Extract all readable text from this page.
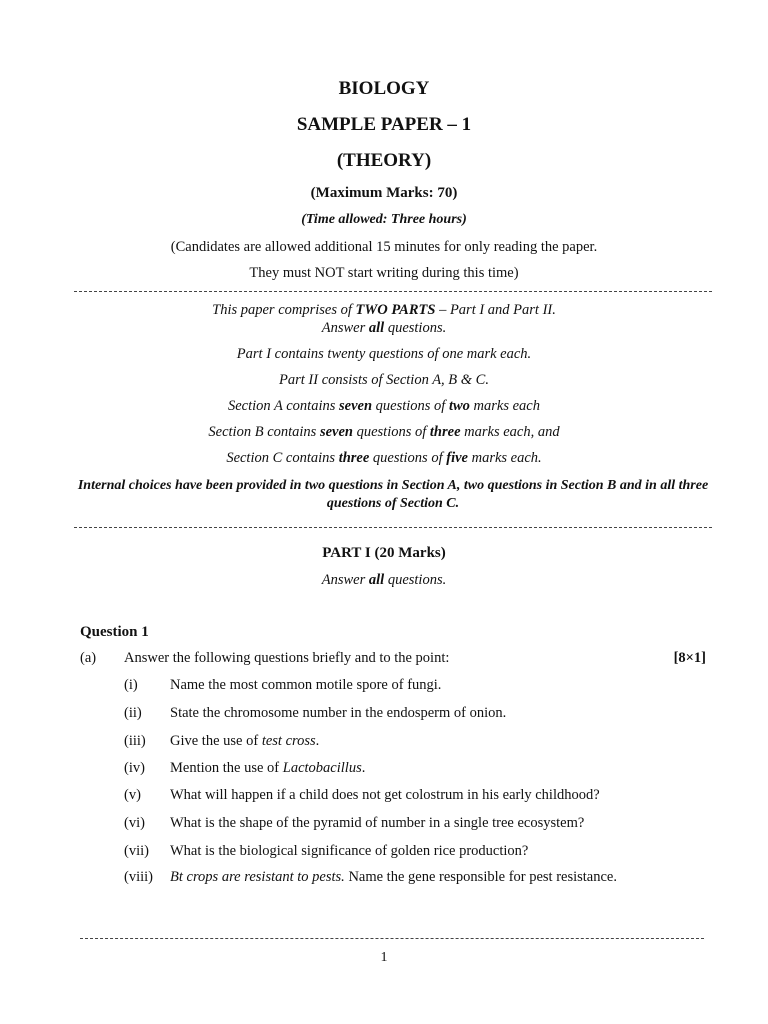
BIOLOGY
SAMPLE PAPER – 1
(THEORY)
(Maximum Marks: 70)
(Time allowed: Three hours)
(Candidates are allowed additional 15 minutes for only reading the paper.
They must NOT start writing during this time)
This paper comprises of TWO PARTS – Part I and Part II.
Answer all questions.
Part I contains twenty questions of one mark each.
Part II consists of Section A, B & C.
Section A contains seven questions of two marks each
Section B contains seven questions of three marks each, and
Section C contains three questions of five marks each.
Internal choices have been provided in two questions in Section A, two questions in Section B and in all three questions of Section C.
PART I (20 Marks)
Answer all questions.
Question 1
(a) Answer the following questions briefly and to the point:	[8×1]
(i) Name the most common motile spore of fungi.
(ii) State the chromosome number in the endosperm of onion.
(iii) Give the use of test cross.
(iv) Mention the use of Lactobacillus.
(v) What will happen if a child does not get colostrum in his early childhood?
(vi) What is the shape of the pyramid of number in a single tree ecosystem?
(vii) What is the biological significance of golden rice production?
(viii) Bt crops are resistant to pests. Name the gene responsible for pest resistance.
1
